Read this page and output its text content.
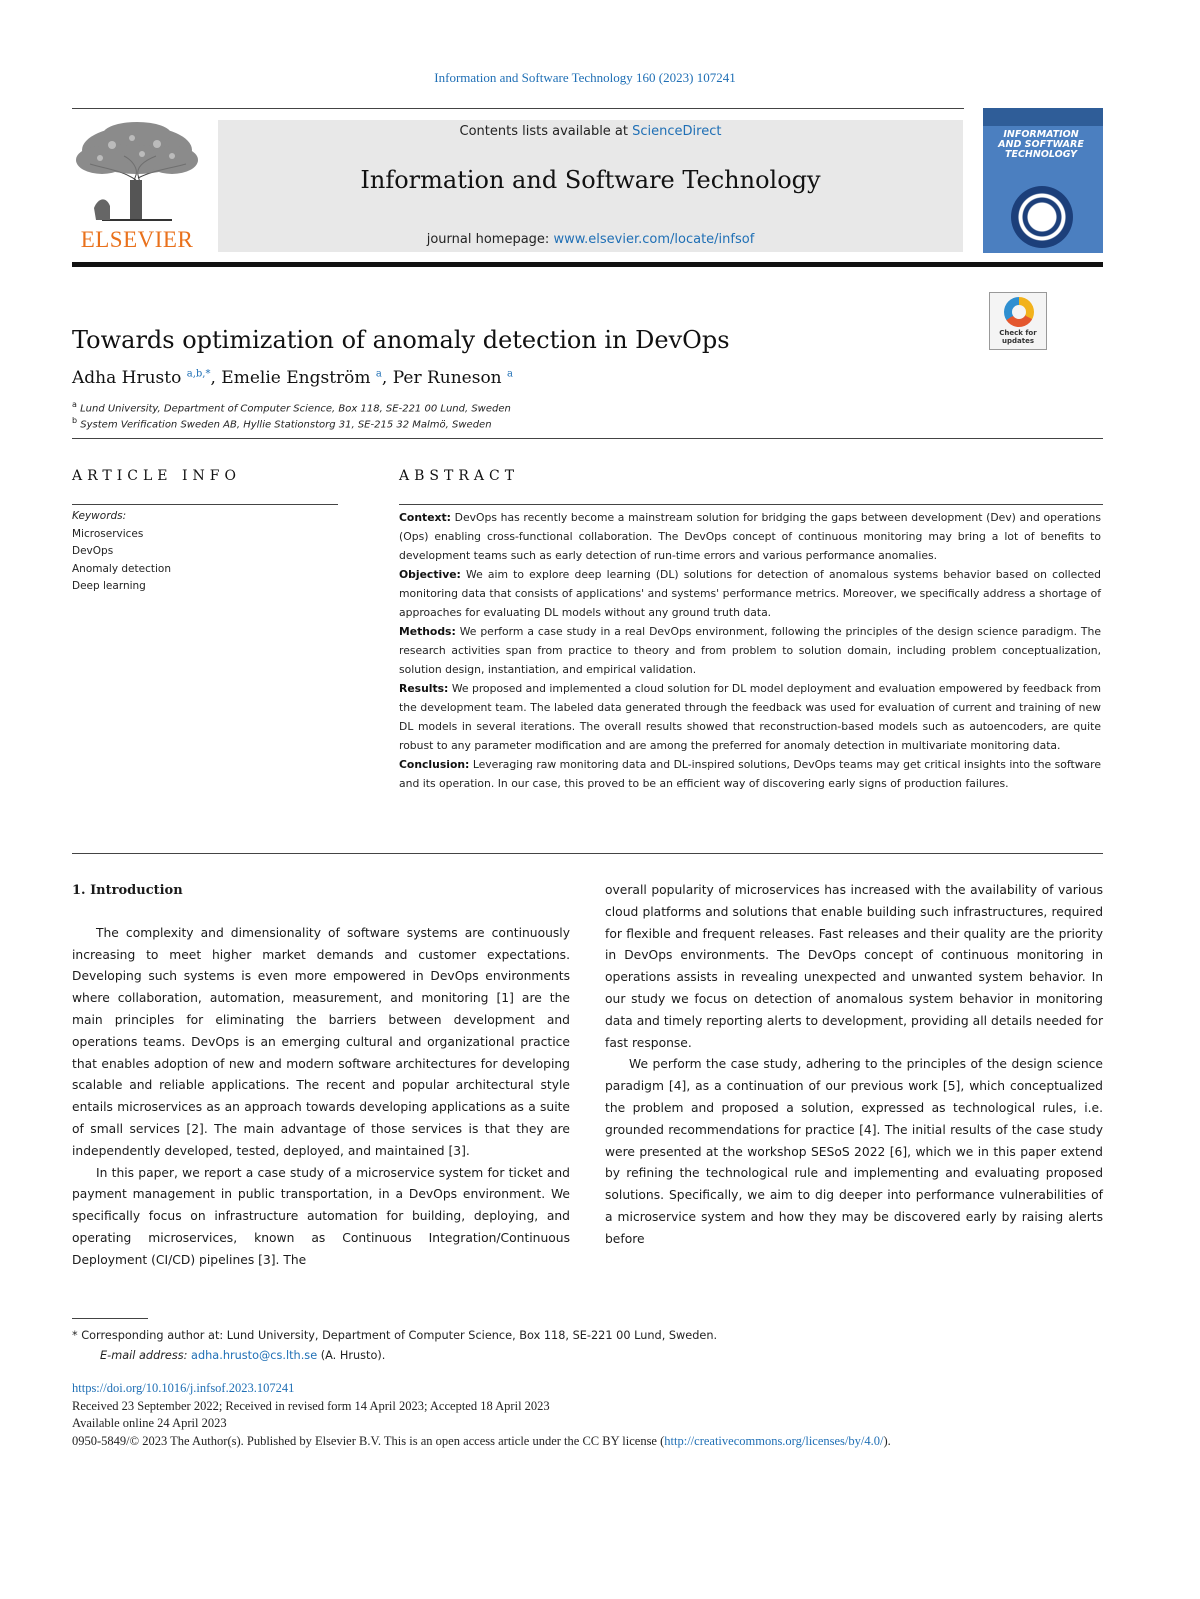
Information and Software Technology 160 (2023) 107241
ELSEVIER
Contents lists available at ScienceDirect
Information and Software Technology
journal homepage: www.elsevier.com/locate/infsof
INFORMATION AND SOFTWARE TECHNOLOGY
Check for updates
Towards optimization of anomaly detection in DevOps
Adha Hrusto $^{a,b,*}$, Emelie Engström $^a$, Per Runeson $^a$
$^a$ Lund University, Department of Computer Science, Box 118, SE-221 00 Lund, Sweden
$^b$ System Verification Sweden AB, Hyllie Stationstorg 31, SE-215 32 Malmö, Sweden
ARTICLE INFO
Keywords:
Microservices
DevOps
Anomaly detection
Deep learning
ABSTRACT

Context: DevOps has recently become a mainstream solution for bridging the gaps between development (Dev) and operations (Ops) enabling cross-functional collaboration. The DevOps concept of continuous monitoring may bring a lot of benefits to development teams such as early detection of run-time errors and various performance anomalies.

Objective: We aim to explore deep learning (DL) solutions for detection of anomalous systems behavior based on collected monitoring data that consists of applications' and systems' performance metrics. Moreover, we specifically address a shortage of approaches for evaluating DL models without any ground truth data.

Methods: We perform a case study in a real DevOps environment, following the principles of the design science paradigm. The research activities span from practice to theory and from problem to solution domain, including problem conceptualization, solution design, instantiation, and empirical validation.

Results: We proposed and implemented a cloud solution for DL model deployment and evaluation empowered by feedback from the development team. The labeled data generated through the feedback was used for evaluation of current and training of new DL models in several iterations. The overall results showed that reconstruction-based models such as autoencoders, are quite robust to any parameter modification and are among the preferred for anomaly detection in multivariate monitoring data.

Conclusion: Leveraging raw monitoring data and DL-inspired solutions, DevOps teams may get critical insights into the software and its operation. In our case, this proved to be an efficient way of discovering early signs of production failures.

1. Introduction

The complexity and dimensionality of software systems are continuously increasing to meet higher market demands and customer expectations. Developing such systems is even more empowered in DevOps environments where collaboration, automation, measurement, and monitoring [1] are the main principles for eliminating the barriers between development and operations teams. DevOps is an emerging cultural and organizational practice that enables adoption of new and modern software architectures for developing scalable and reliable applications. The recent and popular architectural style entails microservices as an approach towards developing applications as a suite of small services [2]. The main advantage of those services is that they are independently developed, tested, deployed, and maintained [3].

In this paper, we report a case study of a microservice system for ticket and payment management in public transportation, in a DevOps environment. We specifically focus on infrastructure automation for building, deploying, and operating microservices, known as Continuous Integration/Continuous Deployment (CI/CD) pipelines [3]. The

overall popularity of microservices has increased with the availability of various cloud platforms and solutions that enable building such infrastructures, required for flexible and frequent releases. Fast releases and their quality are the priority in DevOps environments. The DevOps concept of continuous monitoring in operations assists in revealing unexpected and unwanted system behavior. In our study we focus on detection of anomalous system behavior in monitoring data and timely reporting alerts to development, providing all details needed for fast response.

We perform the case study, adhering to the principles of the design science paradigm [4], as a continuation of our previous work [5], which conceptualized the problem and proposed a solution, expressed as technological rules, i.e. grounded recommendations for practice [4]. The initial results of the case study were presented at the workshop SESoS 2022 [6], which we in this paper extend by refining the technological rule and implementing and evaluating proposed solutions. Specifically, we aim to dig deeper into performance vulnerabilities of a microservice system and how they may be discovered early by raising alerts before

* Corresponding author at: Lund University, Department of Computer Science, Box 118, SE-221 00 Lund, Sweden.
E-mail address: adha.hrusto@cs.lth.se (A. Hrusto).
https://doi.org/10.1016/j.infsof.2023.107241
Received 23 September 2022; Received in revised form 14 April 2023; Accepted 18 April 2023
Available online 24 April 2023
0950-5849/© 2023 The Author(s). Published by Elsevier B.V. This is an open access article under the CC BY license (http://creativecommons.org/licenses/by/4.0/).
